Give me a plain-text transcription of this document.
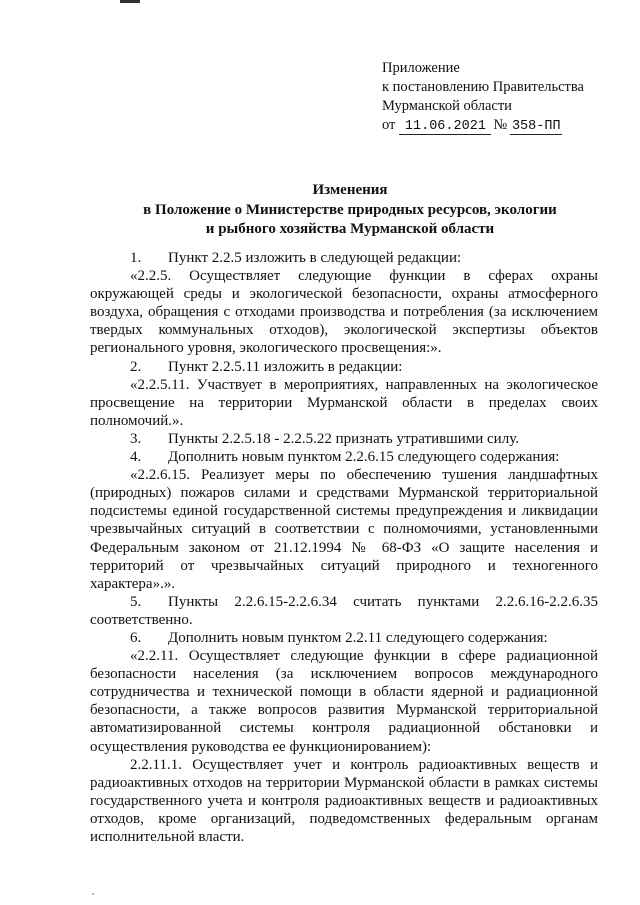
Приложение
к постановлению Правительства
Мурманской области
от 11.06.2021 № 358-ПП
Изменения
в Положение о Министерстве природных ресурсов, экологии
и рыбного хозяйства Мурманской области

1. Пункт 2.2.5 изложить в следующей редакции:

«2.2.5. Осуществляет следующие функции в сферах охраны окружающей среды и экологической безопасности, охраны атмосферного воздуха, обращения с отходами производства и потребления (за исключением твердых коммунальных отходов), экологической экспертизы объектов регионального уровня, экологического просвещения:».

2. Пункт 2.2.5.11 изложить в редакции:

«2.2.5.11. Участвует в мероприятиях, направленных на экологическое просвещение на территории Мурманской области в пределах своих полномочий.».

3. Пункты 2.2.5.18 - 2.2.5.22 признать утратившими силу.

4. Дополнить новым пунктом 2.2.6.15 следующего содержания:

«2.2.6.15. Реализует меры по обеспечению тушения ландшафтных (природных) пожаров силами и средствами Мурманской территориальной подсистемы единой государственной системы предупреждения и ликвидации чрезвычайных ситуаций в соответствии с полномочиями, установленными Федеральным законом от 21.12.1994 № 68-ФЗ «О защите населения и территорий от чрезвычайных ситуаций природного и техногенного характера».».

5. Пункты 2.2.6.15-2.2.6.34 считать пунктами 2.2.6.16-2.2.6.35 соответственно.

6. Дополнить новым пунктом 2.2.11 следующего содержания:

«2.2.11. Осуществляет следующие функции в сфере радиационной безопасности населения (за исключением вопросов международного сотрудничества и технической помощи в области ядерной и радиационной безопасности, а также вопросов развития Мурманской территориальной автоматизированной системы контроля радиационной обстановки и осуществления руководства ее функционированием):

2.2.11.1. Осуществляет учет и контроль радиоактивных веществ и радиоактивных отходов на территории Мурманской области в рамках системы государственного учета и контроля радиоактивных веществ и радиоактивных отходов, кроме организаций, подведомственных федеральным органам исполнительной власти.
